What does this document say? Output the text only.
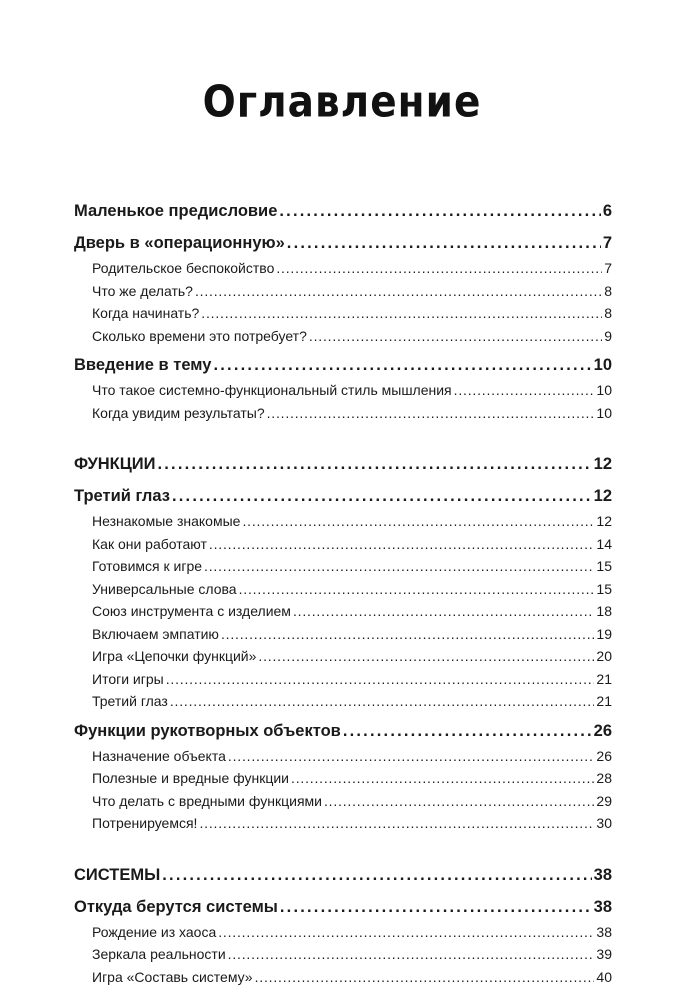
Оглавление
Маленькое предисловие .....	6
Дверь в «операционную» .....	7
Родительское беспокойство .....	7
Что же делать? .....	8
Когда начинать? .....	8
Сколько времени это потребует? .....	9
Введение в тему .....	10
Что такое системно-функциональный стиль мышления .....	10
Когда увидим результаты? .....	10
ФУНКЦИИ .....	12
Третий глаз .....	12
Незнакомые знакомые .....	12
Как они работают .....	14
Готовимся к игре .....	15
Универсальные слова .....	15
Союз инструмента с изделием .....	18
Включаем эмпатию .....	19
Игра «Цепочки функций» .....	20
Итоги игры .....	21
Третий глаз .....	21
Функции рукотворных объектов .....	26
Назначение объекта .....	26
Полезные и вредные функции .....	28
Что делать с вредными функциями .....	29
Потренируемся! .....	30
СИСТЕМЫ .....	38
Откуда берутся системы .....	38
Рождение из хаоса .....	38
Зеркала реальности .....	39
Игра «Составь систему» .....	40
